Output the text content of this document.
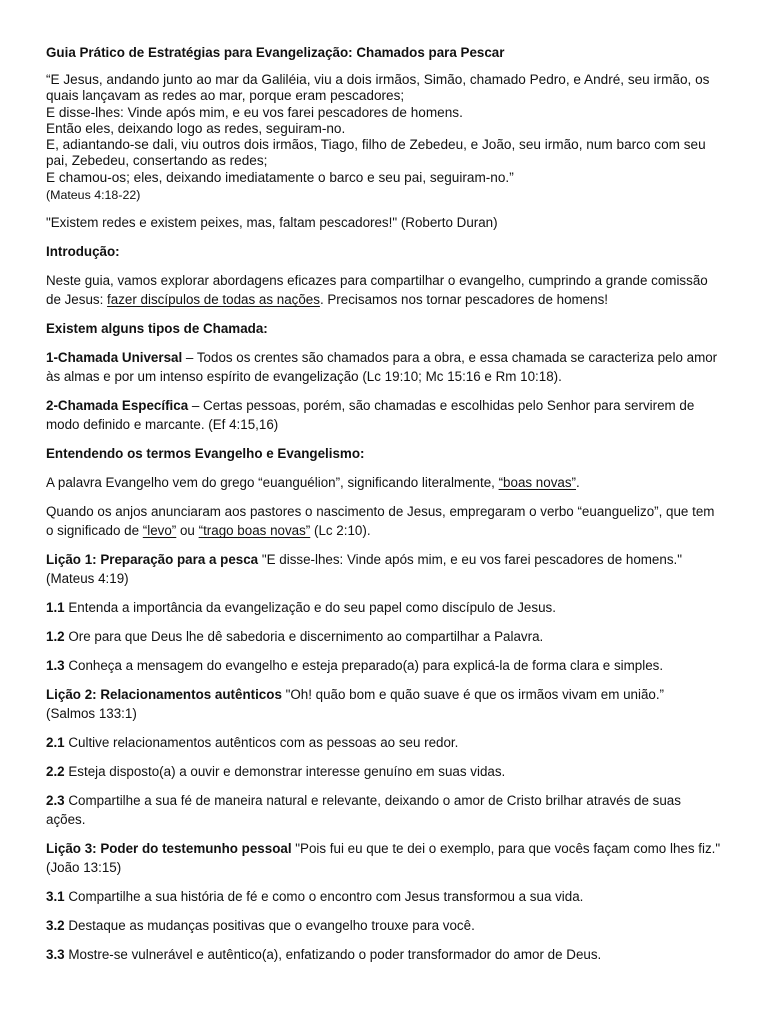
Guia Prático de Estratégias para Evangelização: Chamados para Pescar
“E Jesus, andando junto ao mar da Galiléia, viu a dois irmãos, Simão, chamado Pedro, e André, seu irmão, os quais lançavam as redes ao mar, porque eram pescadores;
E disse-lhes: Vinde após mim, e eu vos farei pescadores de homens.
Então eles, deixando logo as redes, seguiram-no.
E, adiantando-se dali, viu outros dois irmãos, Tiago, filho de Zebedeu, e João, seu irmão, num barco com seu pai, Zebedeu, consertando as redes;
E chamou-os; eles, deixando imediatamente o barco e seu pai, seguiram-no.”
(Mateus 4:18-22)

"Existem redes e existem peixes, mas, faltam pescadores!" (Roberto Duran)

Introdução:

Neste guia, vamos explorar abordagens eficazes para compartilhar o evangelho, cumprindo a grande comissão de Jesus: fazer discípulos de todas as nações. Precisamos nos tornar pescadores de homens!

Existem alguns tipos de Chamada:

1-Chamada Universal – Todos os crentes são chamados para a obra, e essa chamada se caracteriza pelo amor às almas e por um intenso espírito de evangelização (Lc 19:10; Mc 15:16 e Rm 10:18).

2-Chamada Específica – Certas pessoas, porém, são chamadas e escolhidas pelo Senhor para servirem de modo definido e marcante. (Ef 4:15,16)

Entendendo os termos Evangelho e Evangelismo:

A palavra Evangelho vem do grego “euanguélion”, significando literalmente, “boas novas”.

Quando os anjos anunciaram aos pastores o nascimento de Jesus, empregaram o verbo “euanguelizo”, que tem o significado de “levo” ou “trago boas novas” (Lc 2:10).

Lição 1: Preparação para a pesca "E disse-lhes: Vinde após mim, e eu vos farei pescadores de homens."
(Mateus 4:19)

1.1 Entenda a importância da evangelização e do seu papel como discípulo de Jesus.

1.2 Ore para que Deus lhe dê sabedoria e discernimento ao compartilhar a Palavra.

1.3 Conheça a mensagem do evangelho e esteja preparado(a) para explicá-la de forma clara e simples.

Lição 2: Relacionamentos autênticos "Oh! quão bom e quão suave é que os irmãos vivam em união.”
(Salmos 133:1)

2.1 Cultive relacionamentos autênticos com as pessoas ao seu redor.

2.2 Esteja disposto(a) a ouvir e demonstrar interesse genuíno em suas vidas.

2.3 Compartilhe a sua fé de maneira natural e relevante, deixando o amor de Cristo brilhar através de suas ações.

Lição 3: Poder do testemunho pessoal "Pois fui eu que te dei o exemplo, para que vocês façam como lhes fiz." (João 13:15)

3.1 Compartilhe a sua história de fé e como o encontro com Jesus transformou a sua vida.

3.2 Destaque as mudanças positivas que o evangelho trouxe para você.

3.3 Mostre-se vulnerável e autêntico(a), enfatizando o poder transformador do amor de Deus.
